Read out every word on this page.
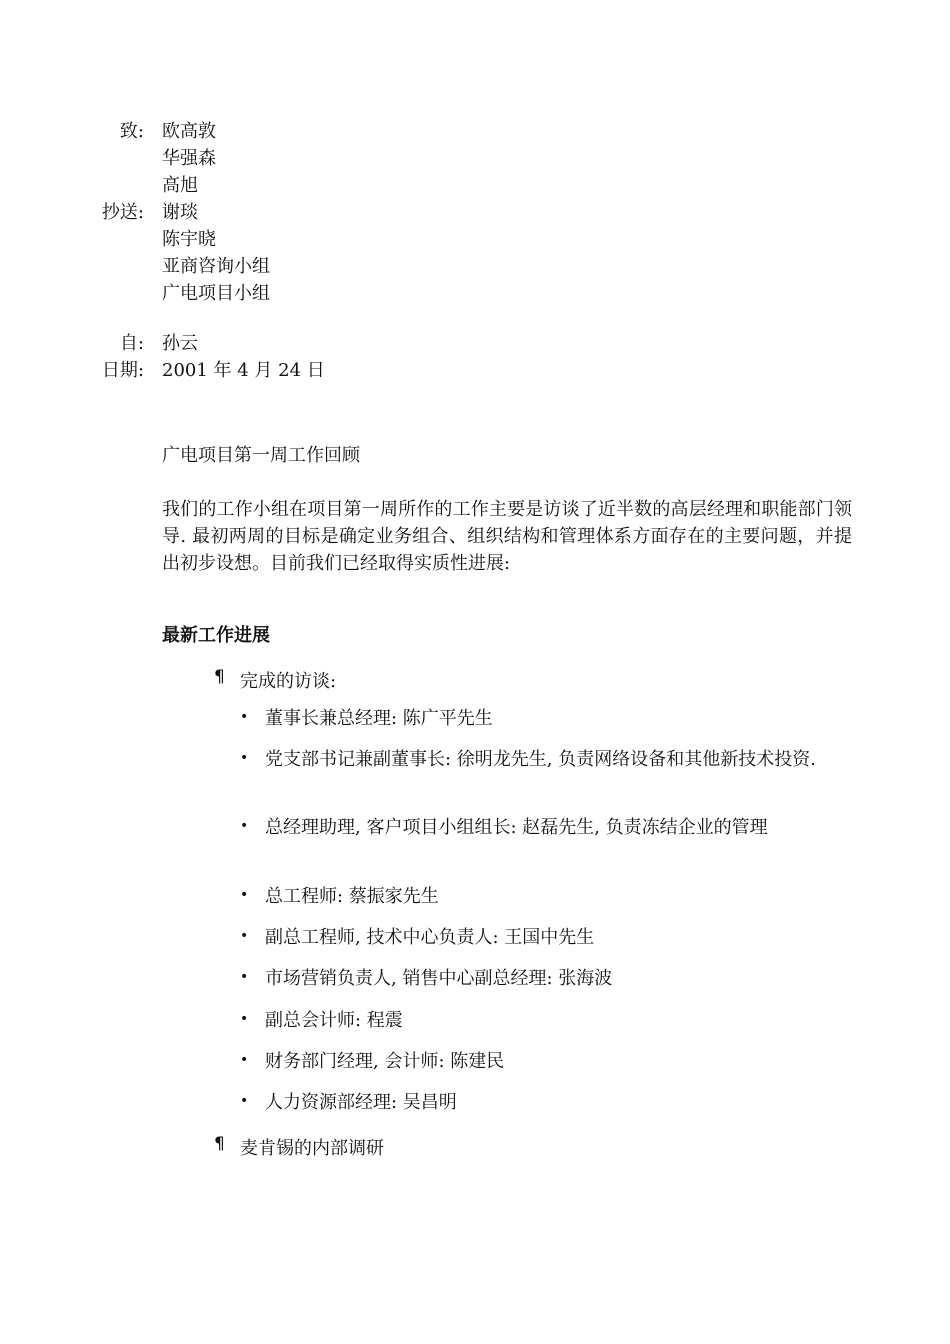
致: 欧高敦
华强森
高旭
抄送: 谢琰
陈宇晓
亚商咨询小组
广电项目小组
自: 孙云
日期: 2001 年 4 月 24 日
广电项目第一周工作回顾
我们的工作小组在项目第一周所作的工作主要是访谈了近半数的高层经理和职能部门领导. 最初两周的目标是确定业务组合、组织结构和管理体系方面存在的主要问题，并提出初步设想。目前我们已经取得实质性进展:
最新工作进展
¶ 完成的访谈:
• 董事长兼总经理: 陈广平先生
• 党支部书记兼副董事长: 徐明龙先生, 负责网络设备和其他新技术投资.
• 总经理助理, 客户项目小组组长: 赵磊先生, 负责冻结企业的管理
• 总工程师: 蔡振家先生
• 副总工程师, 技术中心负责人: 王国中先生
• 市场营销负责人, 销售中心副总经理: 张海波
• 副总会计师: 程震
• 财务部门经理, 会计师: 陈建民
• 人力资源部经理: 吴昌明
¶ 麦肯锡的内部调研
